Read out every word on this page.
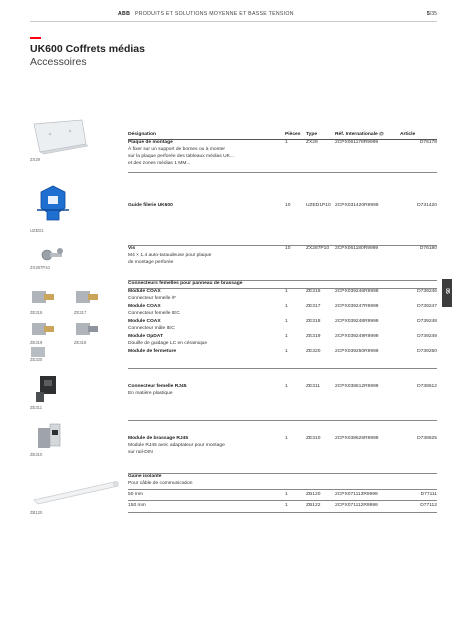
ABB PRODUITS ET SOLUTIONS MOYENNE ET BASSE TENSION	5/35
UK600 Coffrets médias
Accessoires
Désignation	Pièces Type	Réf. Internationale @	Article
ZX29
Plaque de montage
À fixer sur un support de bornes ou à monter
sur la plaque perforée des tableaux médias UK...
et des zones médias 1 MM...
1	ZX29	2CPX061178R9999	D76178
UZED1
Guide filerie UK600	10	UZED1P10 2CPX031420R9999	D731420
ZX287P10
Vis
M4 × 1.4 auto-taraudeuse pour plaque
de montage perforée
10	ZX287P10 2CPX061180R9999	D76180
ZE316	ZE317
ZE319	ZE318
ZE320
Connecteurs femelles pour panneau de brassage
Module COAX
Connecteur femelle /F
1	ZE316	2CPX039246R9999	D739246
Module COAX
Connecteur femelle IEC
1	ZE317	2CPX039247R9999	D739247
Module COAX
Connecteur mâle IEC
1	ZE318	2CPX039248R9999	D739248
Module OpDAT
Douille de guidage LC en céramique
1	ZE319	2CPX039249R9999	D739249
Module de fermeture	1	ZE320	2CPX039250R9999	D739250
ZE311
Connecteur femelle RJ45
En matière plastique
1	ZE311	2CPX038612R9999	D738612
ZE310
Module de brassage RJ45
Module RJ45 avec adaptateur pour montage
sur rail-DIN
1	ZE310	2CPX038625R9999	D738625
ZB120
Gaine isolante
Pour câble de communication
50 mm	1	ZB120	2CPX071113R9999	D77111
150 mm	1	ZB122	2CPX071112R9999	D77112
05
